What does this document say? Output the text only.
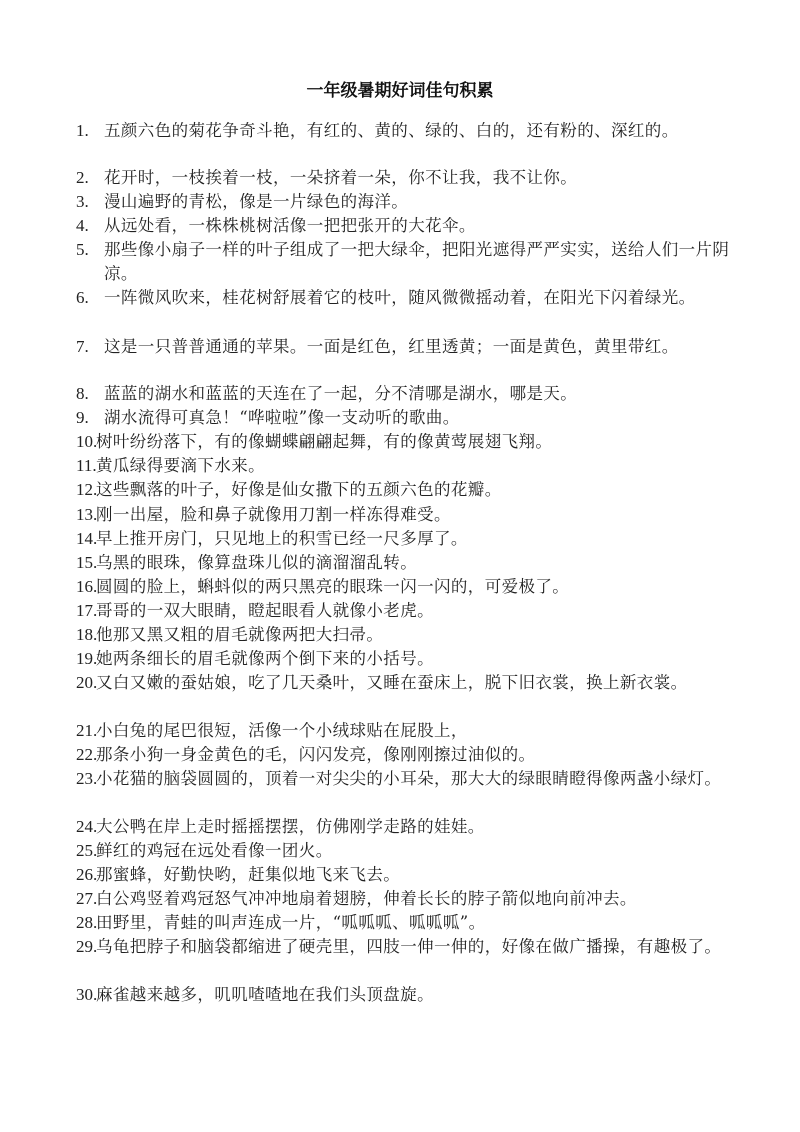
一年级暑期好词佳句积累
1. 五颜六色的菊花争奇斗艳，有红的、黄的、绿的、白的，还有粉的、深红的。
2. 花开时，一枝挨着一枝，一朵挤着一朵，你不让我，我不让你。
3. 漫山遍野的青松，像是一片绿色的海洋。
4. 从远处看，一株株桃树活像一把把张开的大花伞。
5. 那些像小扇子一样的叶子组成了一把大绿伞，把阳光遮得严严实实，送给人们一片阴凉。
6. 一阵微风吹来，桂花树舒展着它的枝叶，随风微微摇动着，在阳光下闪着绿光。
7. 这是一只普普通通的苹果。一面是红色，红里透黄；一面是黄色，黄里带红。
8. 蓝蓝的湖水和蓝蓝的天连在了一起，分不清哪是湖水，哪是天。
9. 湖水流得可真急！“哗啦啦”像一支动听的歌曲。
10.
树叶纷纷落下，有的像蝴蝶翩翩起舞，有的像黄莺展翅飞翔。
11. 黄瓜绿得要滴下水来。
12.
这些飘落的叶子，好像是仙女撒下的五颜六色的花瓣。
13.
刚一出屋，脸和鼻子就像用刀割一样冻得难受。
14.
早上推开房门，只见地上的积雪已经一尺多厚了。
15.
乌黑的眼珠，像算盘珠儿似的滴溜溜乱转。
16.
圆圆的脸上，蝌蚪似的两只黑亮的眼珠一闪一闪的，可爱极了。
17.
哥哥的一双大眼睛，瞪起眼看人就像小老虎。
18.
他那又黑又粗的眉毛就像两把大扫帚。
19.
她两条细长的眉毛就像两个倒下来的小括号。
20.
又白又嫩的蚕姑娘，吃了几天桑叶，又睡在蚕床上，脱下旧衣裳，换上新衣裳。
21.
小白兔的尾巴很短，活像一个小绒球贴在屁股上，
22.
那条小狗一身金黄色的毛，闪闪发亮，像刚刚擦过油似的。
23.
小花猫的脑袋圆圆的，顶着一对尖尖的小耳朵，那大大的绿眼睛瞪得像两盏小绿灯。
24.
大公鸭在岸上走时摇摇摆摆，仿佛刚学走路的娃娃。
25.
鲜红的鸡冠在远处看像一团火。
26.
那蜜蜂，好勤快哟，赶集似地飞来飞去。
27.
白公鸡竖着鸡冠怒气冲冲地扇着翅膀，伸着长长的脖子箭似地向前冲去。
28.
田野里，青蛙的叫声连成一片，“呱呱呱、呱呱呱”。
29.
乌龟把脖子和脑袋都缩进了硬壳里，四肢一伸一伸的，好像在做广播操，有趣极了。
30.
麻雀越来越多，叽叽喳喳地在我们头顶盘旋。
